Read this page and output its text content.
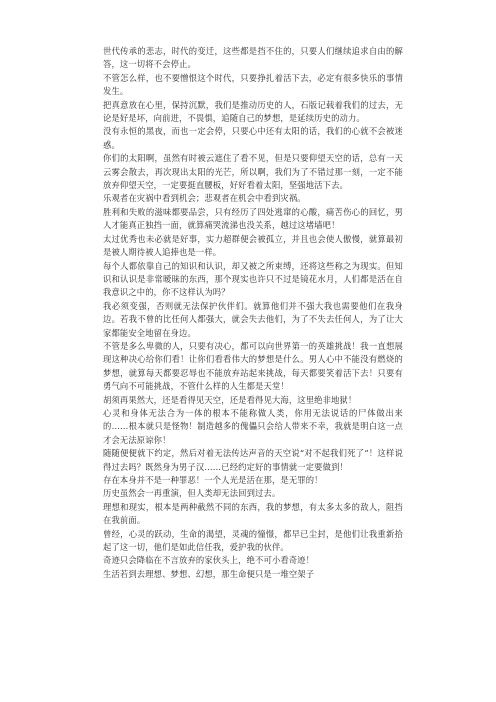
世代传承的悲志，时代的变迁，这些都是挡不住的，只要人们继续追求自由的解答，这一切将不会停止。

不管怎么样，也不要憎恨这个时代，只要挣扎着活下去，必定有很多快乐的事情发生。

把真意放在心里，保持沉默，我们是推动历史的人，石版记载着我们的过去，无论是好是坏，向前进，不畏惧，追随自己的梦想，是延续历史的动力。

没有永恒的黑夜，而也一定会停，只要心中还有太阳的话，我们的心就不会被迷惑。

你们的太阳啊，虽然有时被云遮住了看不见，但是只要仰望天空的话，总有一天云雾会散去，再次现出太阳的光芒，所以啊，我们为了不错过那一刻，一定不能放弃仰望天空，一定要挺直腰板，好好看着太阳，坚强地活下去。

乐观者在灾祸中看到机会；悲观者在机会中看到灾祸。

胜利和失败的滋味都要品尝，只有经历了四处逃窜的心酸，痛苦伤心的回忆，男人才能真正独挡一面，就算痛哭流涕也没关系，越过这堵墙吧！

太过优秀也未必就是好事，实力超群便会被孤立，并且也会使人傲慢，就算最初是被人期待被人追捧也是一样。

每个人都依靠自己的知识和认识，却又被之所束缚，还将这些称之为现实。但知识和认识是非常暧昧的东西，那个现实也许只不过是镜花水月，人们都是活在自我意识之中的，你不这样认为吗？

我必须变强，否则就无法保护伙伴们。就算他们并不强大我也需要他们在我身边。若我不曾的比任何人都强大，就会失去他们，为了不失去任何人，为了让大家都能安全地留在身边。

不管是多么卑微的人，只要有决心，都可以向世界第一的英雄挑战！我一直想展现这种决心给你们看！让你们看看伟大的梦想是什么。男人心中不能没有燃烧的梦想，就算每天都要忍辱也不能放弃站起来挑战，每天都要笑着活下去！只要有勇气向不可能挑战，不管什么样的人生都是天堂！

胡须再果然大，还是看得见天空，还是看得见大海，这里绝非地狱！

心灵和身体无法合为一体的根本不能称做人类，你用无法说话的尸体做出来的……根本就只是怪物！制造越多的傀儡只会给人带来不幸，我就是明白这一点才会无法原谅你！

随随便便就下约定，然后对着无法传达声音的天空说“对不起我们死了”！这样说得过去吗？既然身为男子汉……已经约定好的事情就一定要做到！

存在本身并不是一种罪恶！一个人光是活在那，是无罪的！

历史虽然会一再重演，但人类却无法回到过去。

理想和现实，根本是两种截然不同的东西，我的梦想，有太多太多的敌人，阻挡在我前面。

曾经，心灵的跃动，生命的渴望，灵魂的憧憬，都早已尘封，是他们让我重新拾起了这一切，他们是如此信任我，爱护我的伙伴。

奇迹只会降临在不言放弃的家伙头上，绝不可小看奇迹！

生活若到去理想、梦想、幻想，那生命便只是一堆空架子
